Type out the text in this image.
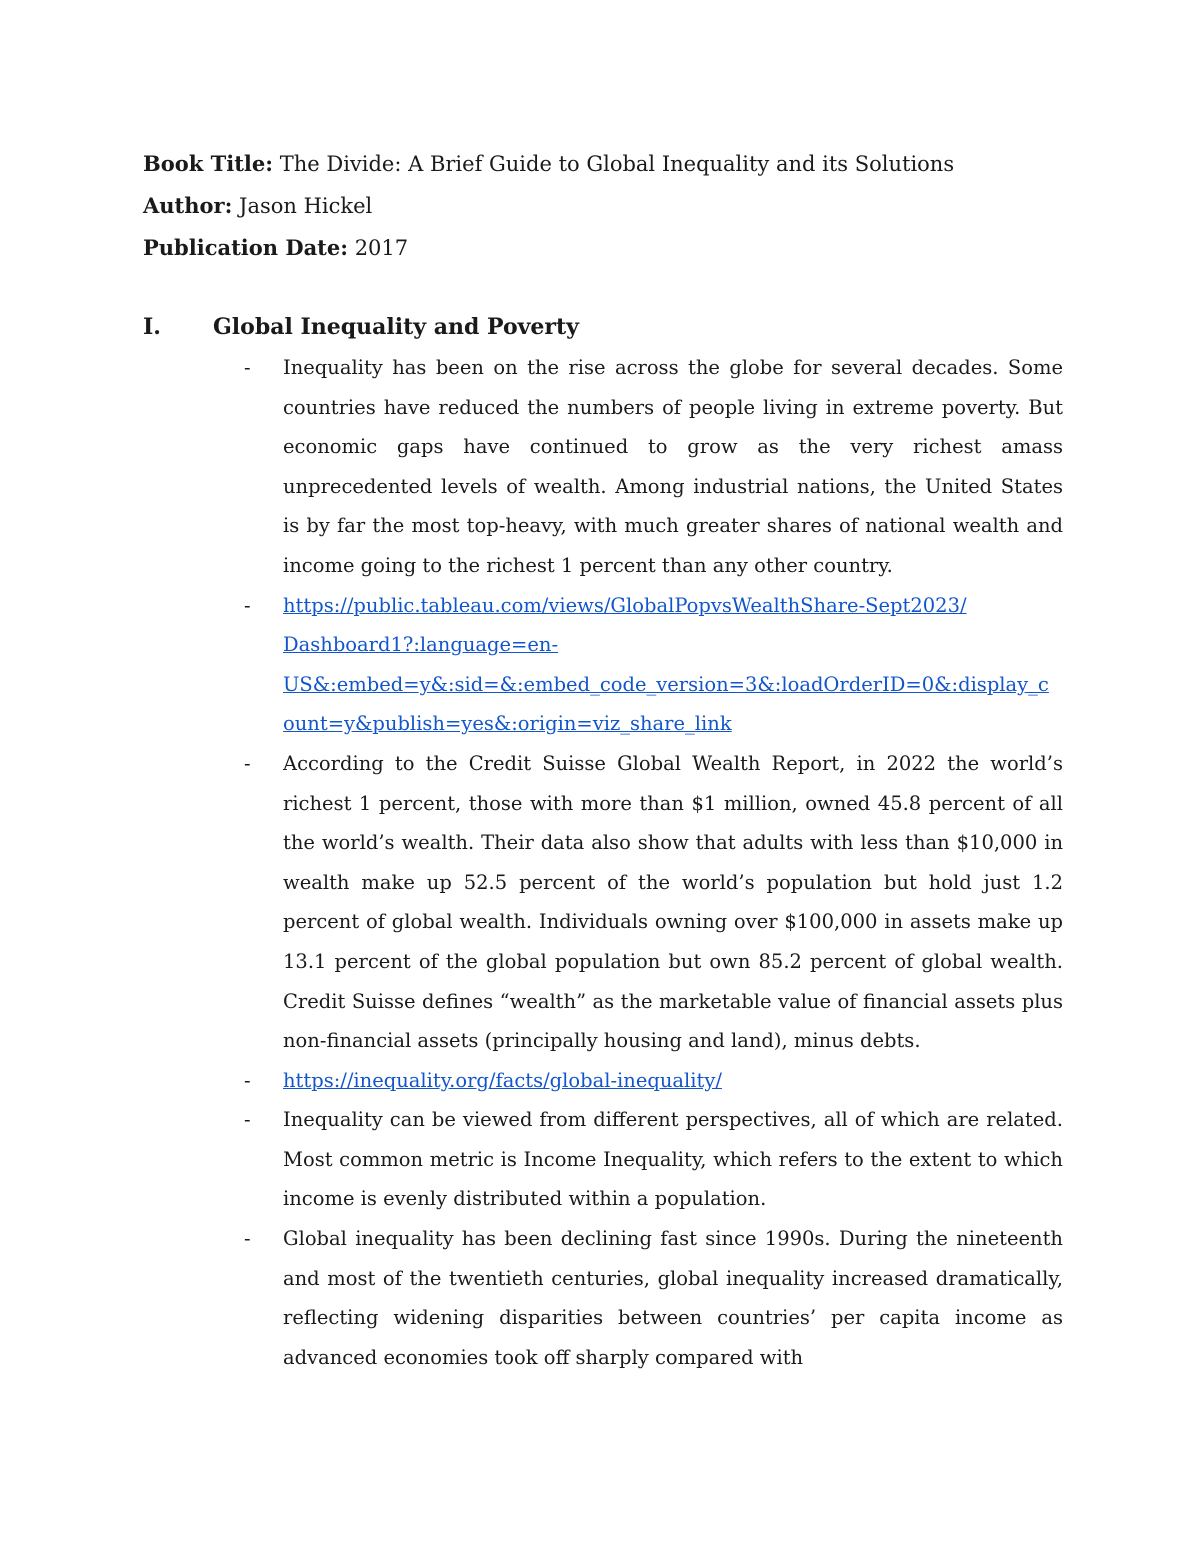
Book Title: The Divide: A Brief Guide to Global Inequality and its Solutions
Author: Jason Hickel
Publication Date: 2017
I. Global Inequality and Poverty
- Inequality has been on the rise across the globe for several decades. Some countries have reduced the numbers of people living in extreme poverty. But economic gaps have continued to grow as the very richest amass unprecedented levels of wealth. Among industrial nations, the United States is by far the most top-heavy, with much greater shares of national wealth and income going to the richest 1 percent than any other country.
- https://public.tableau.com/views/GlobalPopvsWealthShare-Sept2023/
Dashboard1?:language=en-
US&:embed=y&:sid=&:embed_code_version=3&:loadOrderID=0&:display_c
ount=y&publish=yes&:origin=viz_share_link
- According to the Credit Suisse Global Wealth Report, in 2022 the world’s richest 1 percent, those with more than $1 million, owned 45.8 percent of all the world’s wealth. Their data also show that adults with less than $10,000 in wealth make up 52.5 percent of the world’s population but hold just 1.2 percent of global wealth. Individuals owning over $100,000 in assets make up 13.1 percent of the global population but own 85.2 percent of global wealth. Credit Suisse defines “wealth” as the marketable value of financial assets plus non-financial assets (principally housing and land), minus debts.
- https://inequality.org/facts/global-inequality/
- Inequality can be viewed from different perspectives, all of which are related. Most common metric is Income Inequality, which refers to the extent to which income is evenly distributed within a population.
- Global inequality has been declining fast since 1990s. During the nineteenth and most of the twentieth centuries, global inequality increased dramatically, reflecting widening disparities between countries’ per capita income as advanced economies took off sharply compared with
